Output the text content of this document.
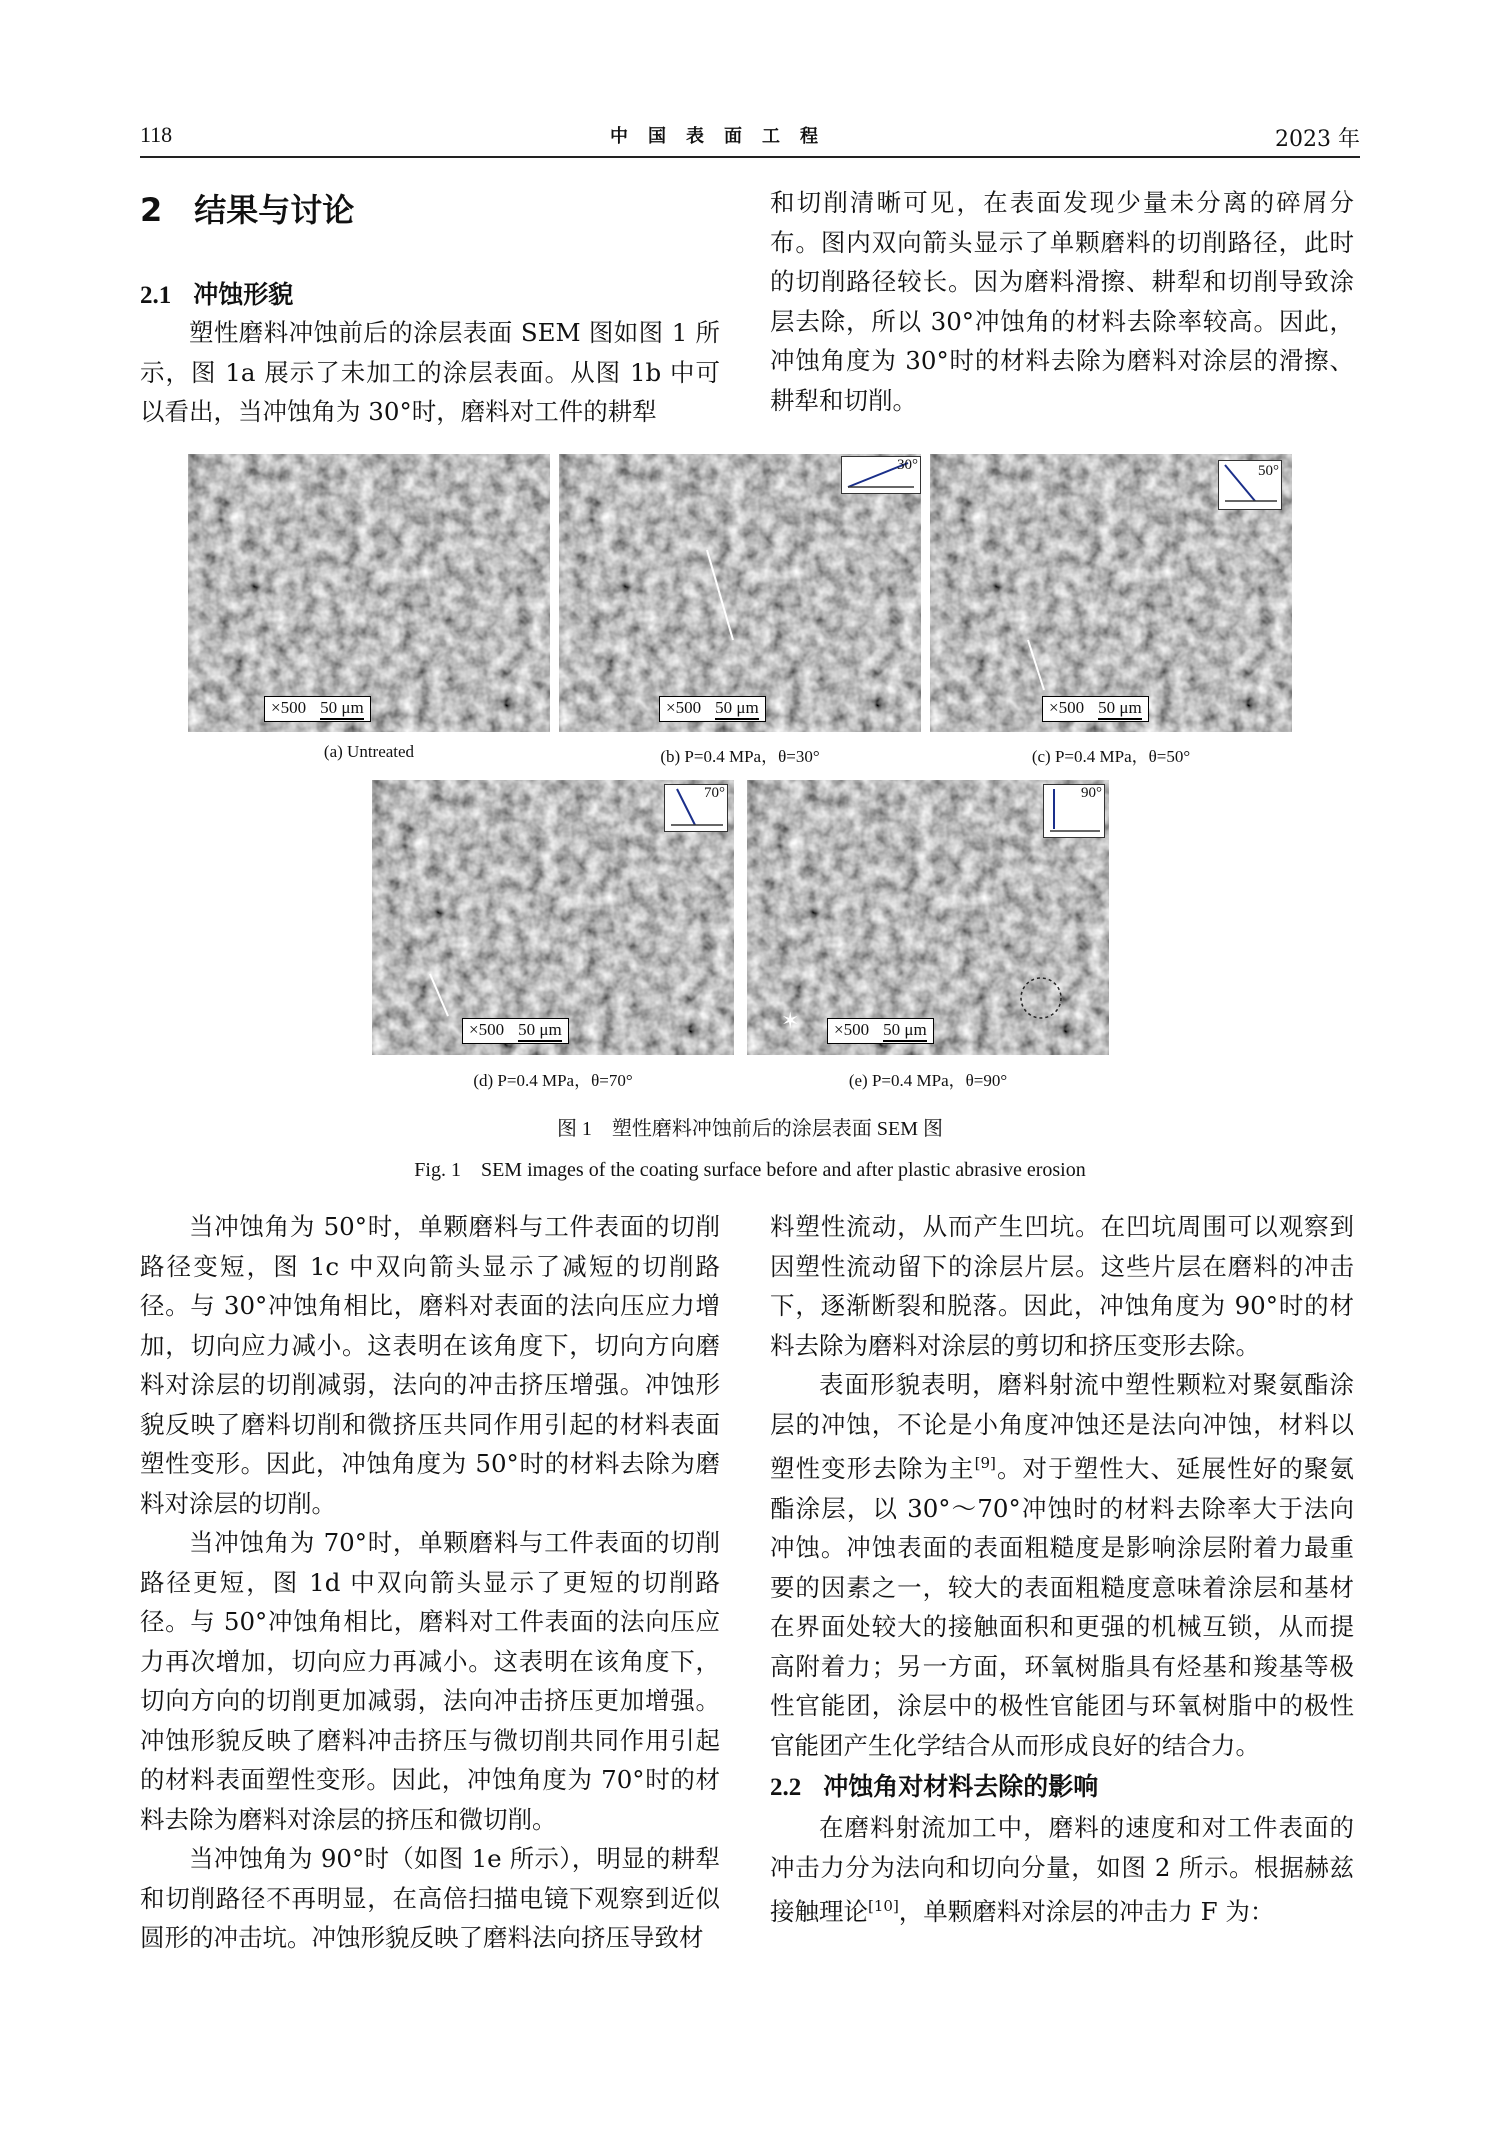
118	中国表面工程	2023 年
2　 结果与讨论
2.1 冲蚀形貌

塑性磨料冲蚀前后的涂层表面 SEM 图如图 1 所示，图 1a 展示了未加工的涂层表面。从图 1b 中可以看出，当冲蚀角为 30°时，磨料对工件的耕犁

和切削清晰可见，在表面发现少量未分离的碎屑分布。图内双向箭头显示了单颗磨料的切削路径，此时的切削路径较长。因为磨料滑擦、耕犁和切削导致涂层去除，所以 30°冲蚀角的材料去除率较高。因此，冲蚀角度为 30°时的材料去除为磨料对涂层的滑擦、耕犁和切削。

×500 50 μm
30°
×500 50 μm
50°
×500 50 μm
(a) Untreated	(b) P=0.4 MPa，θ=30°	(c) P=0.4 MPa，θ=50°
70°
×500 50 μm	✶
90°
×500 50 μm
(d) P=0.4 MPa，θ=70°	(e) P=0.4 MPa，θ=90°
图 1　塑性磨料冲蚀前后的涂层表面 SEM 图
Fig. 1　SEM images of the coating surface before and after plastic abrasive erosion

当冲蚀角为 50°时，单颗磨料与工件表面的切削路径变短，图 1c 中双向箭头显示了减短的切削路径。与 30°冲蚀角相比，磨料对表面的法向压应力增加，切向应力减小。这表明在该角度下，切向方向磨料对涂层的切削减弱，法向的冲击挤压增强。冲蚀形貌反映了磨料切削和微挤压共同作用引起的材料表面塑性变形。因此，冲蚀角度为 50°时的材料去除为磨料对涂层的切削。

当冲蚀角为 70°时，单颗磨料与工件表面的切削路径更短，图 1d 中双向箭头显示了更短的切削路径。与 50°冲蚀角相比，磨料对工件表面的法向压应力再次增加，切向应力再减小。这表明在该角度下，切向方向的切削更加减弱，法向冲击挤压更加增强。冲蚀形貌反映了磨料冲击挤压与微切削共同作用引起的材料表面塑性变形。因此，冲蚀角度为 70°时的材料去除为磨料对涂层的挤压和微切削。

当冲蚀角为 90°时（如图 1e 所示），明显的耕犁和切削路径不再明显，在高倍扫描电镜下观察到近似圆形的冲击坑。冲蚀形貌反映了磨料法向挤压导致材

料塑性流动，从而产生凹坑。在凹坑周围可以观察到因塑性流动留下的涂层片层。这些片层在磨料的冲击下，逐渐断裂和脱落。因此，冲蚀角度为 90°时的材料去除为磨料对涂层的剪切和挤压变形去除。

表面形貌表明，磨料射流中塑性颗粒对聚氨酯涂层的冲蚀，不论是小角度冲蚀还是法向冲蚀，材料以塑性变形去除为主[9]。对于塑性大、延展性好的聚氨酯涂层，以 30°～70°冲蚀时的材料去除率大于法向冲蚀。冲蚀表面的表面粗糙度是影响涂层附着力最重要的因素之一，较大的表面粗糙度意味着涂层和基材在界面处较大的接触面积和更强的机械互锁，从而提高附着力；另一方面，环氧树脂具有烃基和羧基等极性官能团，涂层中的极性官能团与环氧树脂中的极性官能团产生化学结合从而形成良好的结合力。

2.2 冲蚀角对材料去除的影响

在磨料射流加工中，磨料的速度和对工件表面的冲击力分为法向和切向分量，如图 2 所示。根据赫兹接触理论[10]，单颗磨料对涂层的冲击力 F 为：
